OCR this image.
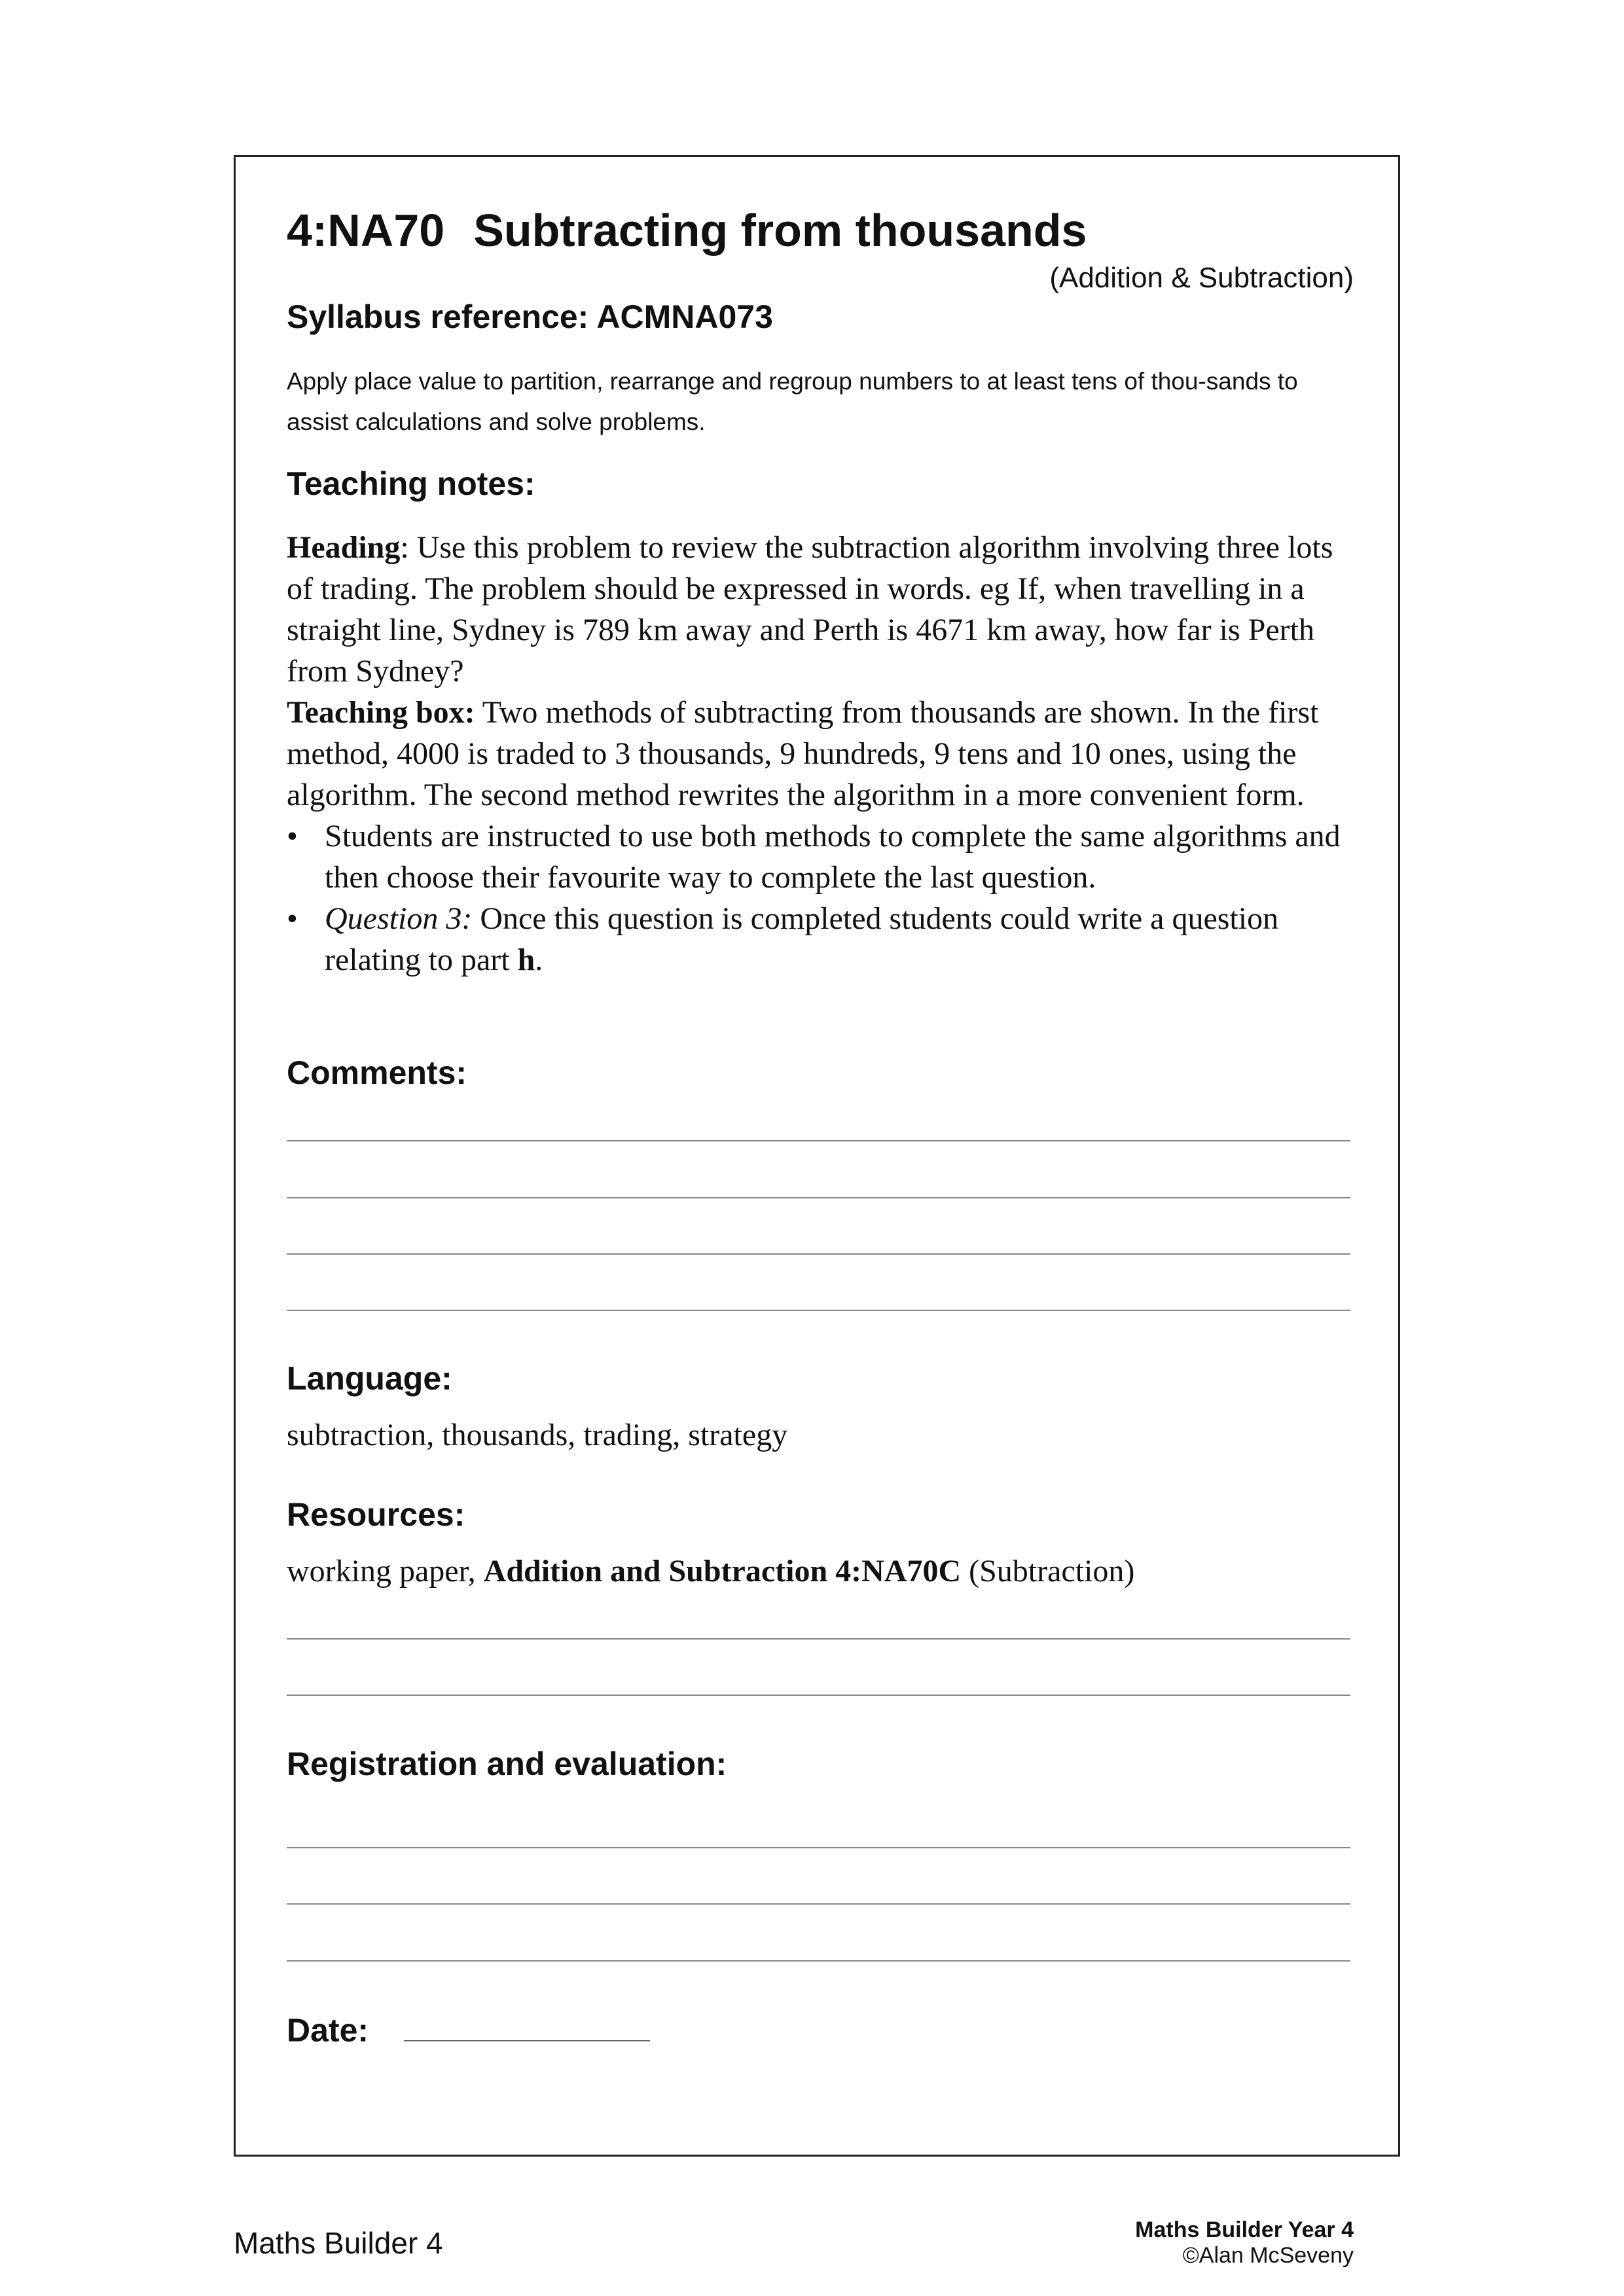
4:NA70 Subtracting from thousands
(Addition & Subtraction)
Syllabus reference: ACMNA073
Apply place value to partition, rearrange and regroup numbers to at least tens of thou-sands to assist calculations and solve problems.
Teaching notes:

Heading: Use this problem to review the subtraction algorithm involving three lots of trading. The problem should be expressed in words. eg If, when travelling in a straight line, Sydney is 789 km away and Perth is 4671 km away, how far is Perth from Sydney?

Teaching box: Two methods of subtracting from thousands are shown. In the first method, 4000 is traded to 3 thousands, 9 hundreds, 9 tens and 10 ones, using the algorithm. The second method rewrites the algorithm in a more convenient form.

• Students are instructed to use both methods to complete the same algorithms and then choose their favourite way to complete the last question.
• Question 3: Once this question is completed students could write a question relating to part h.
Comments:
Language:
subtraction, thousands, trading, strategy
Resources:
working paper, Addition and Subtraction 4:NA70C (Subtraction)
Registration and evaluation:
Date:
Maths Builder 4	Maths Builder Year 4
©Alan McSeveny
